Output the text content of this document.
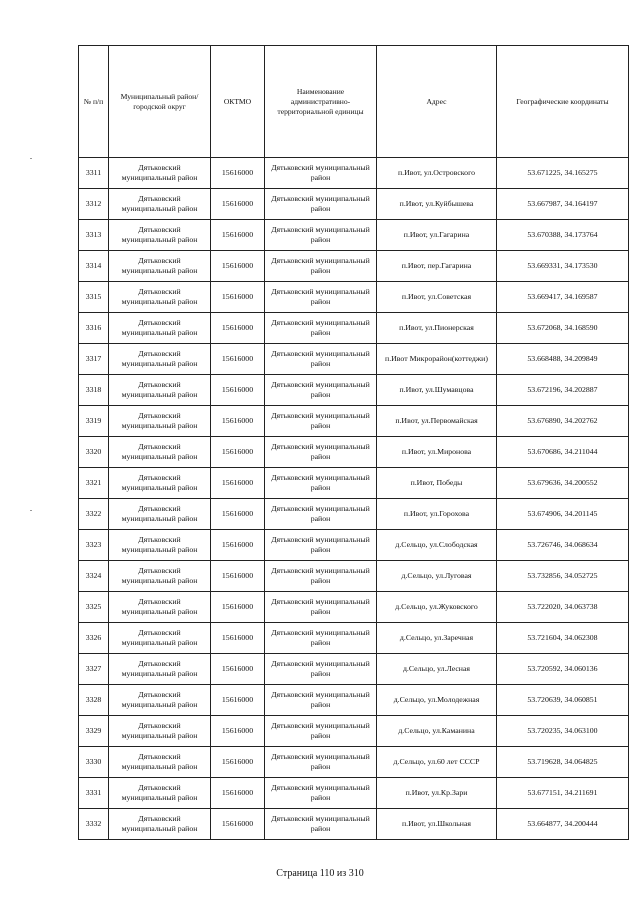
№ п/п	Муниципальный район/городской округ	ОКТМО	Наименование административно-территориальной единицы	Адрес	Географические координаты
3311	Дятьковский муниципальный район	15616000	Дятьковский муниципальный район	п.Ивот, ул.Островского	53.671225, 34.165275
3312	Дятьковский муниципальный район	15616000	Дятьковский муниципальный район	п.Ивот, ул.Куйбышева	53.667987, 34.164197
3313	Дятьковский муниципальный район	15616000	Дятьковский муниципальный район	п.Ивот, ул.Гагарина	53.670388, 34.173764
3314	Дятьковский муниципальный район	15616000	Дятьковский муниципальный район	п.Ивот, пер.Гагарина	53.669331, 34.173530
3315	Дятьковский муниципальный район	15616000	Дятьковский муниципальный район	п.Ивот, ул.Советская	53.669417, 34.169587
3316	Дятьковский муниципальный район	15616000	Дятьковский муниципальный район	п.Ивот, ул.Пионерская	53.672068, 34.168590
3317	Дятьковский муниципальный район	15616000	Дятьковский муниципальный район	п.Ивот Микрорайон(коттеджи)	53.668488, 34.209849
3318	Дятьковский муниципальный район	15616000	Дятьковский муниципальный район	п.Ивот, ул.Шумавцова	53.672196, 34.202887
3319	Дятьковский муниципальный район	15616000	Дятьковский муниципальный район	п.Ивот, ул.Первомайская	53.676890, 34.202762
3320	Дятьковский муниципальный район	15616000	Дятьковский муниципальный район	п.Ивот, ул.Миронова	53.670686, 34.211044
3321	Дятьковский муниципальный район	15616000	Дятьковский муниципальный район	п.Ивот, Победы	53.679636, 34.200552
3322	Дятьковский муниципальный район	15616000	Дятьковский муниципальный район	п.Ивот, ул.Горохова	53.674906, 34.201145
3323	Дятьковский муниципальный район	15616000	Дятьковский муниципальный район	д.Сельцо, ул.Слободская	53.726746, 34.068634
3324	Дятьковский муниципальный район	15616000	Дятьковский муниципальный район	д.Сельцо, ул.Луговая	53.732856, 34.052725
3325	Дятьковский муниципальный район	15616000	Дятьковский муниципальный район	д.Сельцо, ул.Жуковского	53.722020, 34.063738
3326	Дятьковский муниципальный район	15616000	Дятьковский муниципальный район	д.Сельцо, ул.Заречная	53.721604, 34.062308
3327	Дятьковский муниципальный район	15616000	Дятьковский муниципальный район	д.Сельцо, ул.Лесная	53.720592, 34.060136
3328	Дятьковский муниципальный район	15616000	Дятьковский муниципальный район	д.Сельцо, ул.Молодежная	53.720639, 34.060851
3329	Дятьковский муниципальный район	15616000	Дятьковский муниципальный район	д.Сельцо, ул.Каманина	53.720235, 34.063100
3330	Дятьковский муниципальный район	15616000	Дятьковский муниципальный район	д.Сельцо, ул.60 лет СССР	53.719628, 34.064825
3331	Дятьковский муниципальный район	15616000	Дятьковский муниципальный район	п.Ивот, ул.Кр.Зари	53.677151, 34.211691
3332	Дятьковский муниципальный район	15616000	Дятьковский муниципальный район	п.Ивот, ул.Школьная	53.664877, 34.200444
Страница 110 из 310
